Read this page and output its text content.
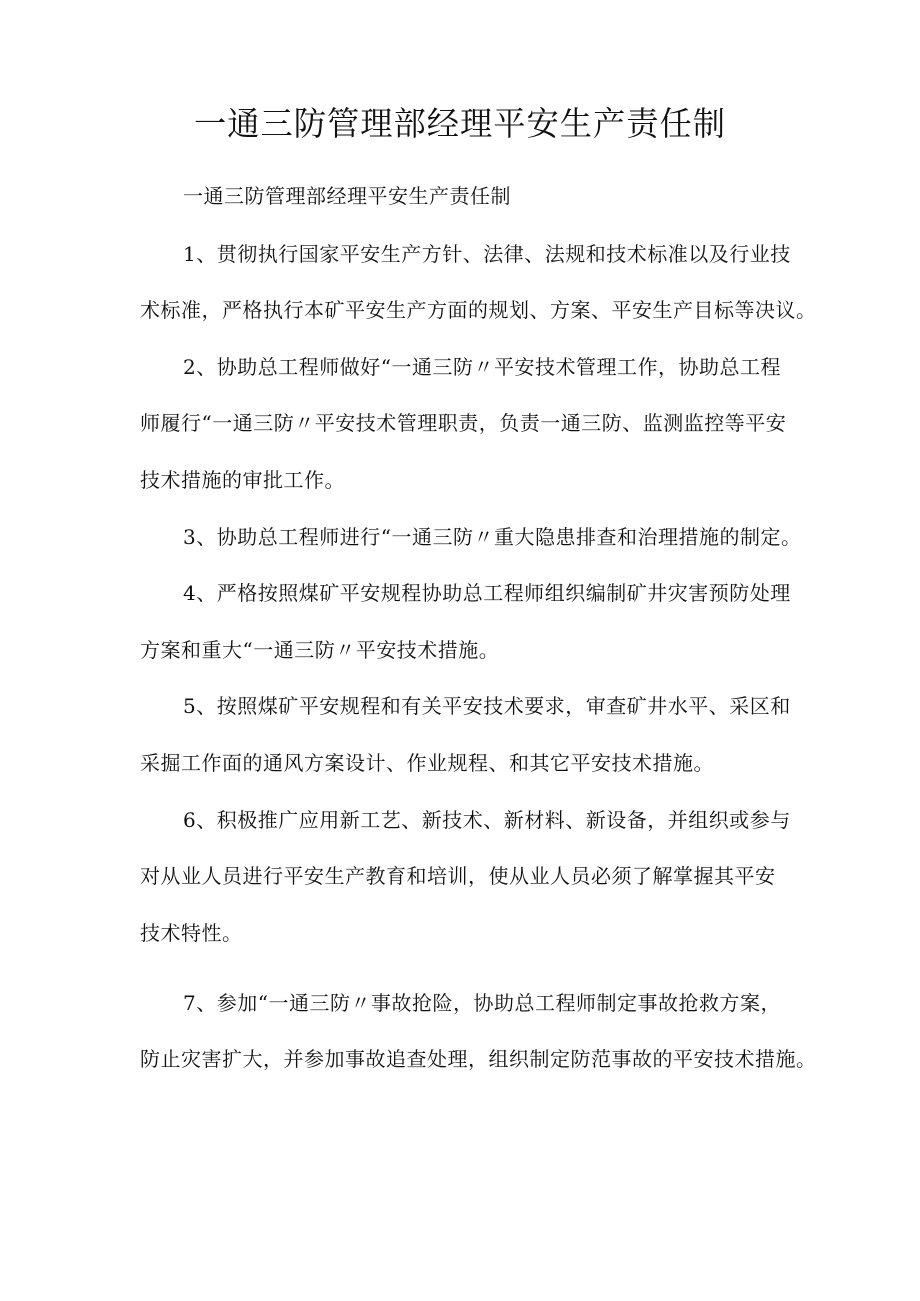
一通三防管理部经理平安生产责任制
一通三防管理部经理平安生产责任制
1、贯彻执行国家平安生产方针、法律、法规和技术标准以及行业技
术标准，严格执行本矿平安生产方面的规划、方案、平安生产目标等决议。
2、协助总工程师做好“一通三防〃平安技术管理工作，协助总工程
师履行“一通三防〃平安技术管理职责，负责一通三防、监测监控等平安
技术措施的审批工作。
3、协助总工程师进行“一通三防〃重大隐患排查和治理措施的制定。
4、严格按照煤矿平安规程协助总工程师组织编制矿井灾害预防处理
方案和重大“一通三防〃平安技术措施。
5、按照煤矿平安规程和有关平安技术要求，审查矿井水平、采区和
采掘工作面的通风方案设计、作业规程、和其它平安技术措施。
6、积极推广应用新工艺、新技术、新材料、新设备，并组织或参与
对从业人员进行平安生产教育和培训，使从业人员必须了解掌握其平安
技术特性。
7、参加“一通三防〃事故抢险，协助总工程师制定事故抢救方案，
防止灾害扩大，并参加事故追查处理，组织制定防范事故的平安技术措施。
